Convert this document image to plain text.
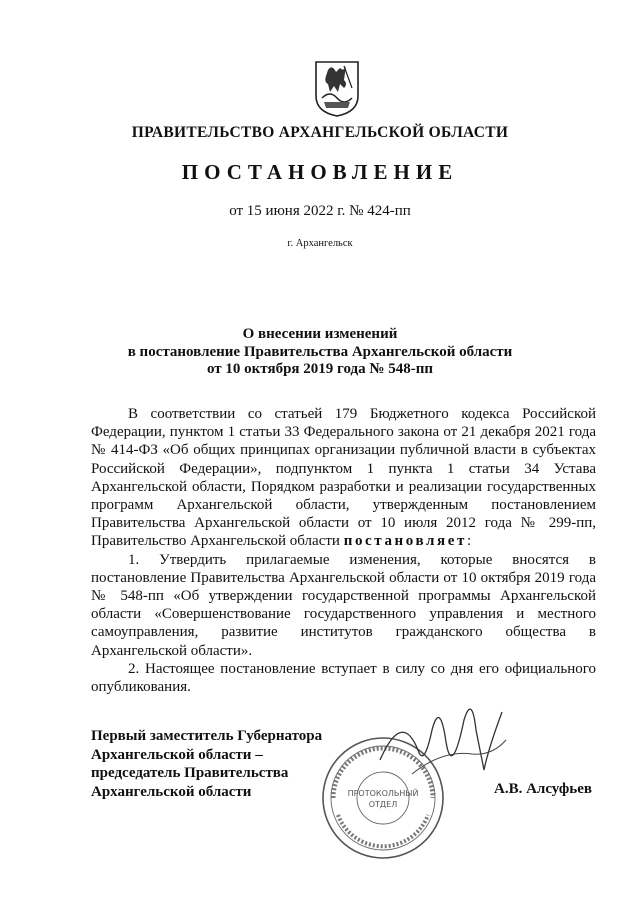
ПРАВИТЕЛЬСТВО АРХАНГЕЛЬСКОЙ ОБЛАСТИ
ПОСТАНОВЛЕНИЕ
от 15 июня 2022 г. № 424-пп
г. Архангельск
О внесении изменений
в постановление Правительства Архангельской области
от 10 октября 2019 года № 548-пп

В соответствии со статьей 179 Бюджетного кодекса Российской Федерации, пунктом 1 статьи 33 Федерального закона от 21 декабря 2021 года № 414-ФЗ «Об общих принципах организации публичной власти в субъектах Российской Федерации», подпунктом 1 пункта 1 статьи 34 Устава Архангельской области, Порядком разработки и реализации государственных программ Архангельской области, утвержденным постановлением Правительства Архангельской области от 10 июля 2012 года № 299-пп, Правительство Архангельской области постановляет:

1. Утвердить прилагаемые изменения, которые вносятся в постановление Правительства Архангельской области от 10 октября 2019 года № 548-пп «Об утверждении государственной программы Архангельской области «Совершенствование государственного управления и местного самоуправления, развитие институтов гражданского общества в Архангельской области».

2. Настоящее постановление вступает в силу со дня его официального опубликования.

ПРОТОКОЛЬНЫЙ
ОТДЕЛ
Первый заместитель Губернатора
Архангельской области –
председатель Правительства
Архангельской области	А.В. Алсуфьев
